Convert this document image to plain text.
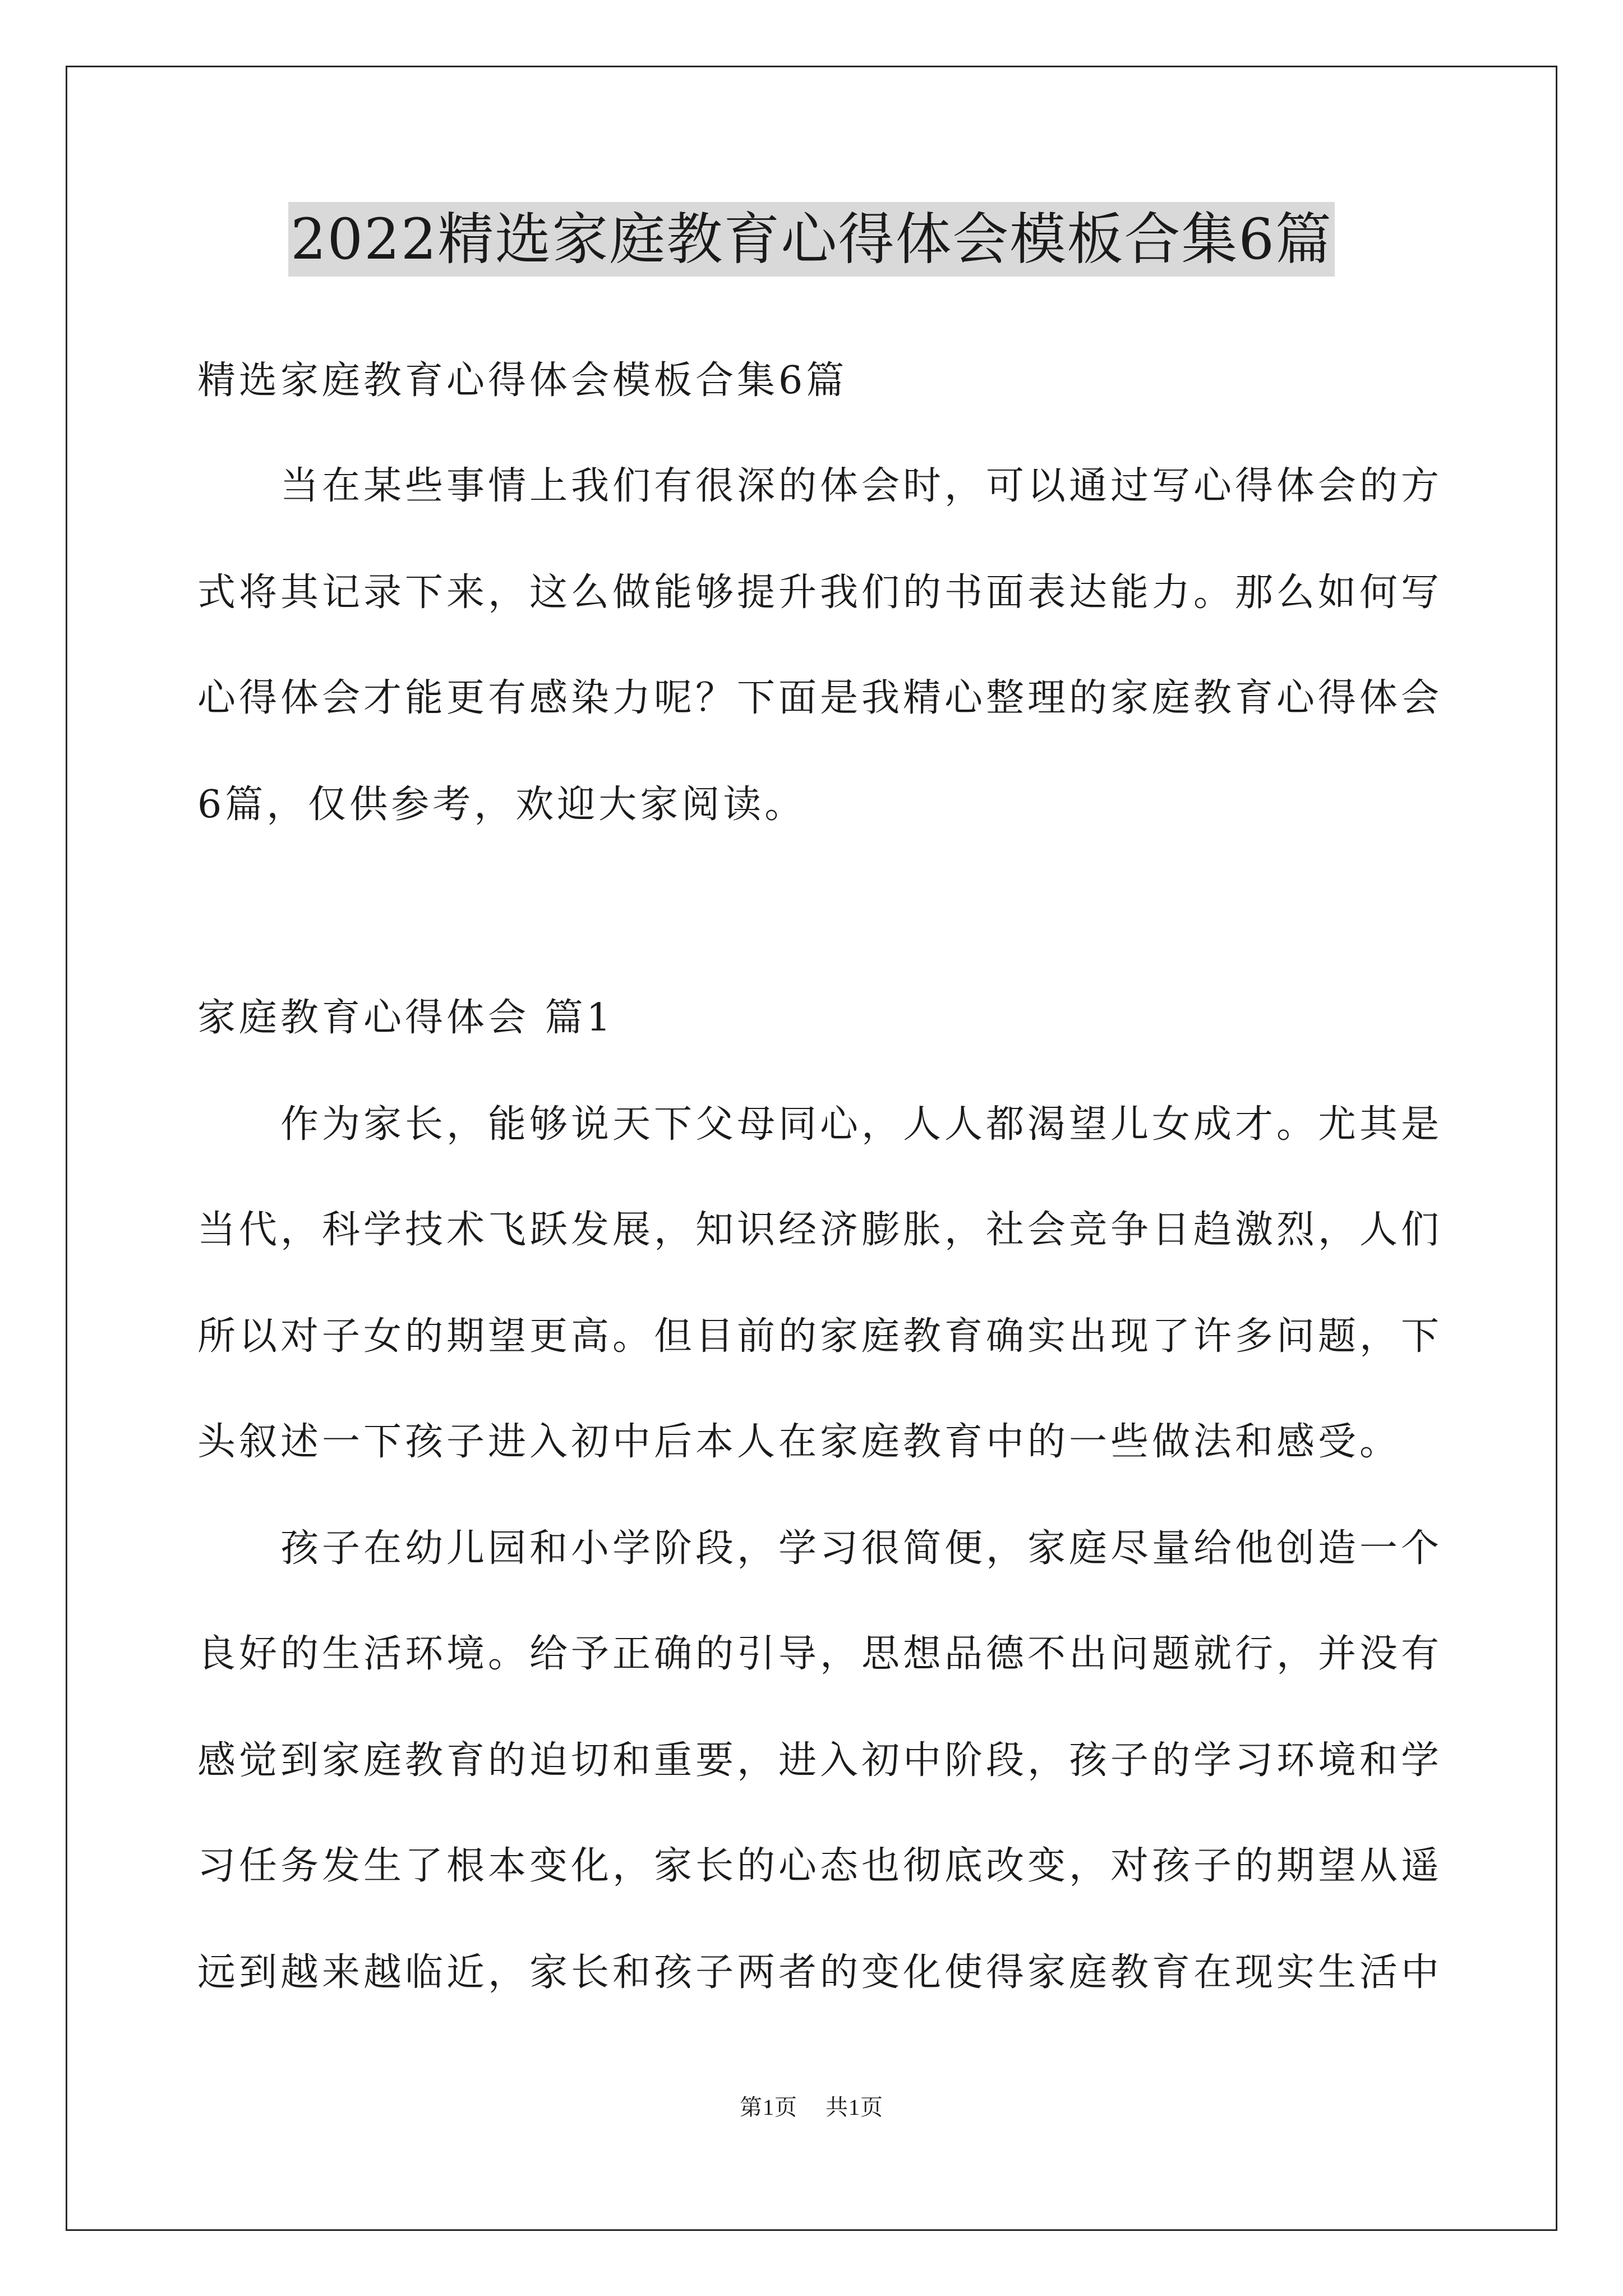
2022精选家庭教育心得体会模板合集6篇
精选家庭教育心得体会模板合集6篇
当在某些事情上我们有很深的体会时，可以通过写心得体会的方
式将其记录下来，这么做能够提升我们的书面表达能力。那么如何写
心得体会才能更有感染力呢？下面是我精心整理的家庭教育心得体会
6篇，仅供参考，欢迎大家阅读。
家庭教育心得体会 篇1
作为家长，能够说天下父母同心，人人都渴望儿女成才。尤其是
当代，科学技术飞跃发展，知识经济膨胀，社会竞争日趋激烈，人们
所以对子女的期望更高。但目前的家庭教育确实出现了许多问题，下
头叙述一下孩子进入初中后本人在家庭教育中的一些做法和感受。
孩子在幼儿园和小学阶段，学习很简便，家庭尽量给他创造一个
良好的生活环境。给予正确的引导，思想品德不出问题就行，并没有
感觉到家庭教育的迫切和重要，进入初中阶段，孩子的学习环境和学
习任务发生了根本变化，家长的心态也彻底改变，对孩子的期望从遥
远到越来越临近，家长和孩子两者的变化使得家庭教育在现实生活中
第1页 共1页
